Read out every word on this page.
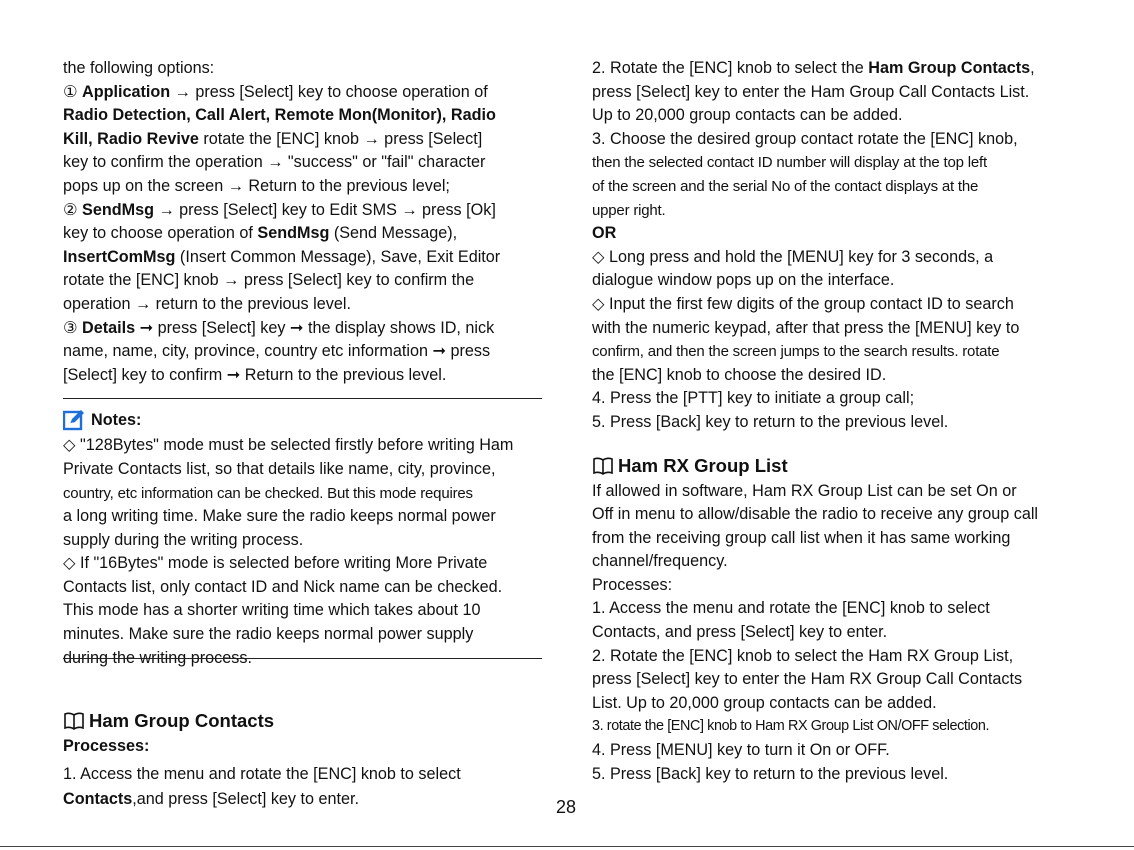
the following options:
① Application → press [Select] key to choose operation of
Radio Detection, Call Alert, Remote Mon(Monitor), Radio
Kill, Radio Revive rotate the [ENC] knob → press [Select]
key to confirm the operation → "success" or "fail" character
pops up on the screen → Return to the previous level;
② SendMsg → press [Select] key to Edit SMS → press [Ok]
key to choose operation of SendMsg (Send Message),
InsertComMsg (Insert Common Message), Save, Exit Editor
rotate the [ENC] knob → press [Select] key to confirm the
operation → return to the previous level.
③ Details ➞ press [Select] key ➞ the display shows ID, nick
name, name, city, province, country etc information ➞ press
[Select] key to confirm ➞ Return to the previous level.
Notes:
◇ "128Bytes" mode must be selected firstly before writing Ham
Private Contacts list, so that details like name, city, province,
country, etc information can be checked. But this mode requires
a long writing time. Make sure the radio keeps normal power
supply during the writing process.
◇ If "16Bytes" mode is selected before writing More Private
Contacts list, only contact ID and Nick name can be checked.
This mode has a shorter writing time which takes about 10
minutes. Make sure the radio keeps normal power supply
during the writing process.
Ham Group Contacts
Processes:
1. Access the menu and rotate the [ENC] knob to select
Contacts,and press [Select] key to enter.
2. Rotate the [ENC] knob to select the Ham Group Contacts,
press [Select] key to enter the Ham Group Call Contacts List.
Up to 20,000 group contacts can be added.
3. Choose the desired group contact rotate the [ENC] knob,
then the selected contact ID number will display at the top left
of the screen and the serial No of the contact displays at the
upper right.
OR
◇ Long press and hold the [MENU] key for 3 seconds, a
dialogue window pops up on the interface.
◇ Input the first few digits of the group contact ID to search
with the numeric keypad, after that press the [MENU] key to
confirm, and then the screen jumps to the search results. rotate
the [ENC] knob to choose the desired ID.
4. Press the [PTT] key to initiate a group call;
5. Press [Back] key to return to the previous level.
Ham RX Group List
If allowed in software, Ham RX Group List can be set On or
Off in menu to allow/disable the radio to receive any group call
from the receiving group call list when it has same working
channel/frequency.
Processes:
1. Access the menu and rotate the [ENC] knob to select
Contacts, and press [Select] key to enter.
2. Rotate the [ENC] knob to select the Ham RX Group List,
press [Select] key to enter the Ham RX Group Call Contacts
List. Up to 20,000 group contacts can be added.
3. rotate the [ENC] knob to Ham RX Group List ON/OFF selection.
4. Press [MENU] key to turn it On or OFF.
5. Press [Back] key to return to the previous level.
28
